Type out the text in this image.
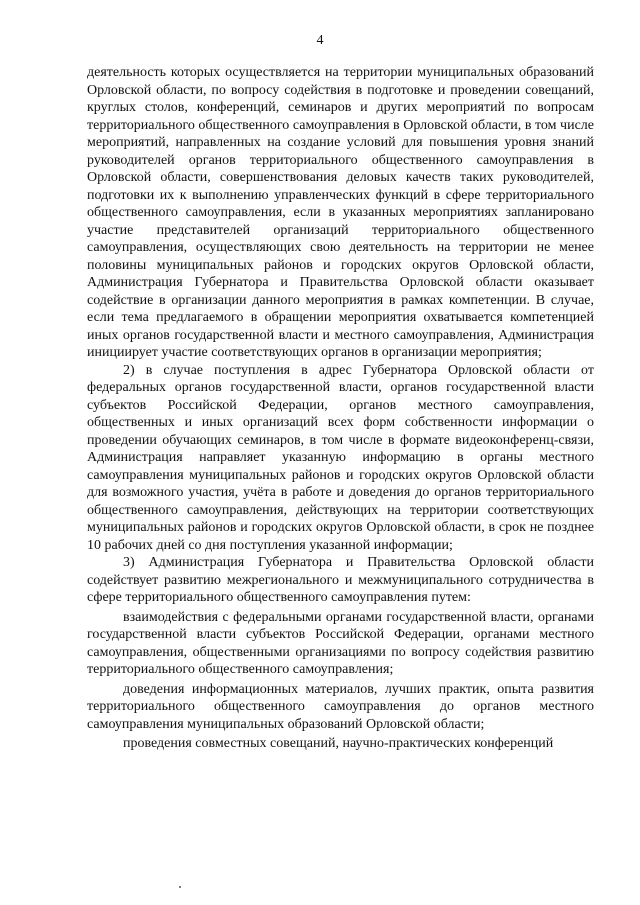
4

деятельность которых осуществляется на территории муниципальных образований Орловской области, по вопросу содействия в подготовке и проведении совещаний, круглых столов, конференций, семинаров и других мероприятий по вопросам территориального общественного самоуправления в Орловской области, в том числе мероприятий, направленных на создание условий для повышения уровня знаний руководителей органов территориального общественного самоуправления в Орловской области, совершенствования деловых качеств таких руководителей, подготовки их к выполнению управленческих функций в сфере территориального общественного самоуправления, если в указанных мероприятиях запланировано участие представителей организаций территориального общественного самоуправления, осуществляющих свою деятельность на территории не менее половины муниципальных районов и городских округов Орловской области, Администрация Губернатора и Правительства Орловской области оказывает содействие в организации данного мероприятия в рамках компетенции. В случае, если тема предлагаемого в обращении мероприятия охватывается компетенцией иных органов государственной власти и местного самоуправления, Администрация инициирует участие соответствующих органов в организации мероприятия;

2) в случае поступления в адрес Губернатора Орловской области от федеральных органов государственной власти, органов государственной власти субъектов Российской Федерации, органов местного самоуправления, общественных и иных организаций всех форм собственности информации о проведении обучающих семинаров, в том числе в формате видеоконференц-связи, Администрация направляет указанную информацию в органы местного самоуправления муниципальных районов и городских округов Орловской области для возможного участия, учёта в работе и доведения до органов территориального общественного самоуправления, действующих на территории соответствующих муниципальных районов и городских округов Орловской области, в срок не позднее 10 рабочих дней со дня поступления указанной информации;

3) Администрация Губернатора и Правительства Орловской области содействует развитию межрегионального и межмуниципального сотрудничества в сфере территориального общественного самоуправления путем:

взаимодействия с федеральными органами государственной власти, органами государственной власти субъектов Российской Федерации, органами местного самоуправления, общественными организациями по вопросу содействия развитию территориального общественного самоуправления;

доведения информационных материалов, лучших практик, опыта развития территориального общественного самоуправления до органов местного самоуправления муниципальных образований Орловской области;

проведения совместных совещаний, научно-практических конференций
